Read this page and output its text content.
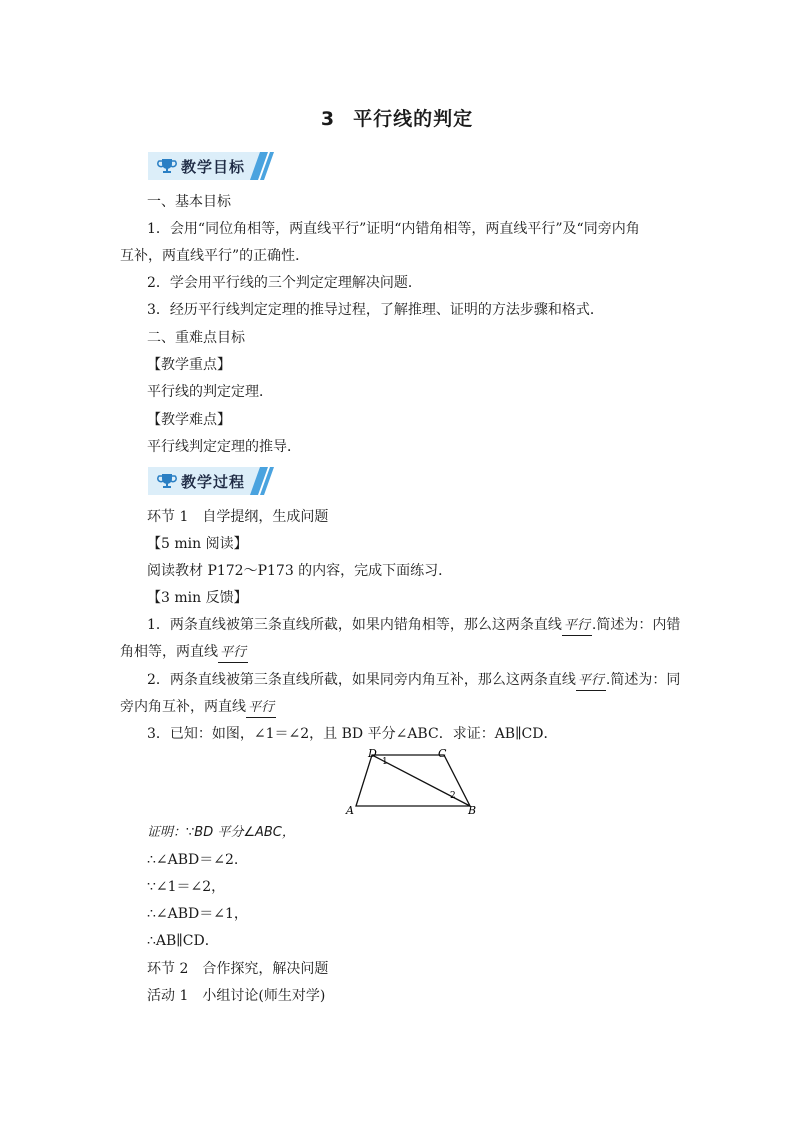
3 平行线的判定
教学目标
一、基本目标
1．会用“同位角相等，两直线平行”证明“内错角相等，两直线平行”及“同旁内角
互补，两直线平行”的正确性．
2．学会用平行线的三个判定定理解决问题．
3．经历平行线判定定理的推导过程，了解推理、证明的方法步骤和格式．
二、重难点目标
【教学重点】
平行线的判定定理．
【教学难点】
平行线判定定理的推导．
教学过程
环节 1　自学提纲，生成问题
【5 min 阅读】
阅读教材 P172～P173 的内容，完成下面练习．
【3 min 反馈】
1．两条直线被第三条直线所截，如果内错角相等，那么这两条直线 平行 .简述为：内错
角相等，两直线 平行
2．两条直线被第三条直线所截，如果同旁内角互补，那么这两条直线 平行 .简述为：同
旁内角互补，两直线 平行
3．已知：如图，∠1＝∠2，且 BD 平分∠ABC．求证：AB∥CD．
D	C
A	B
1
2
证明：∵BD 平分∠ABC，
∴∠ABD＝∠2.
∵∠1＝∠2，
∴∠ABD＝∠1，
∴AB∥CD．
环节 2　合作探究，解决问题
活动 1　小组讨论(师生对学)
